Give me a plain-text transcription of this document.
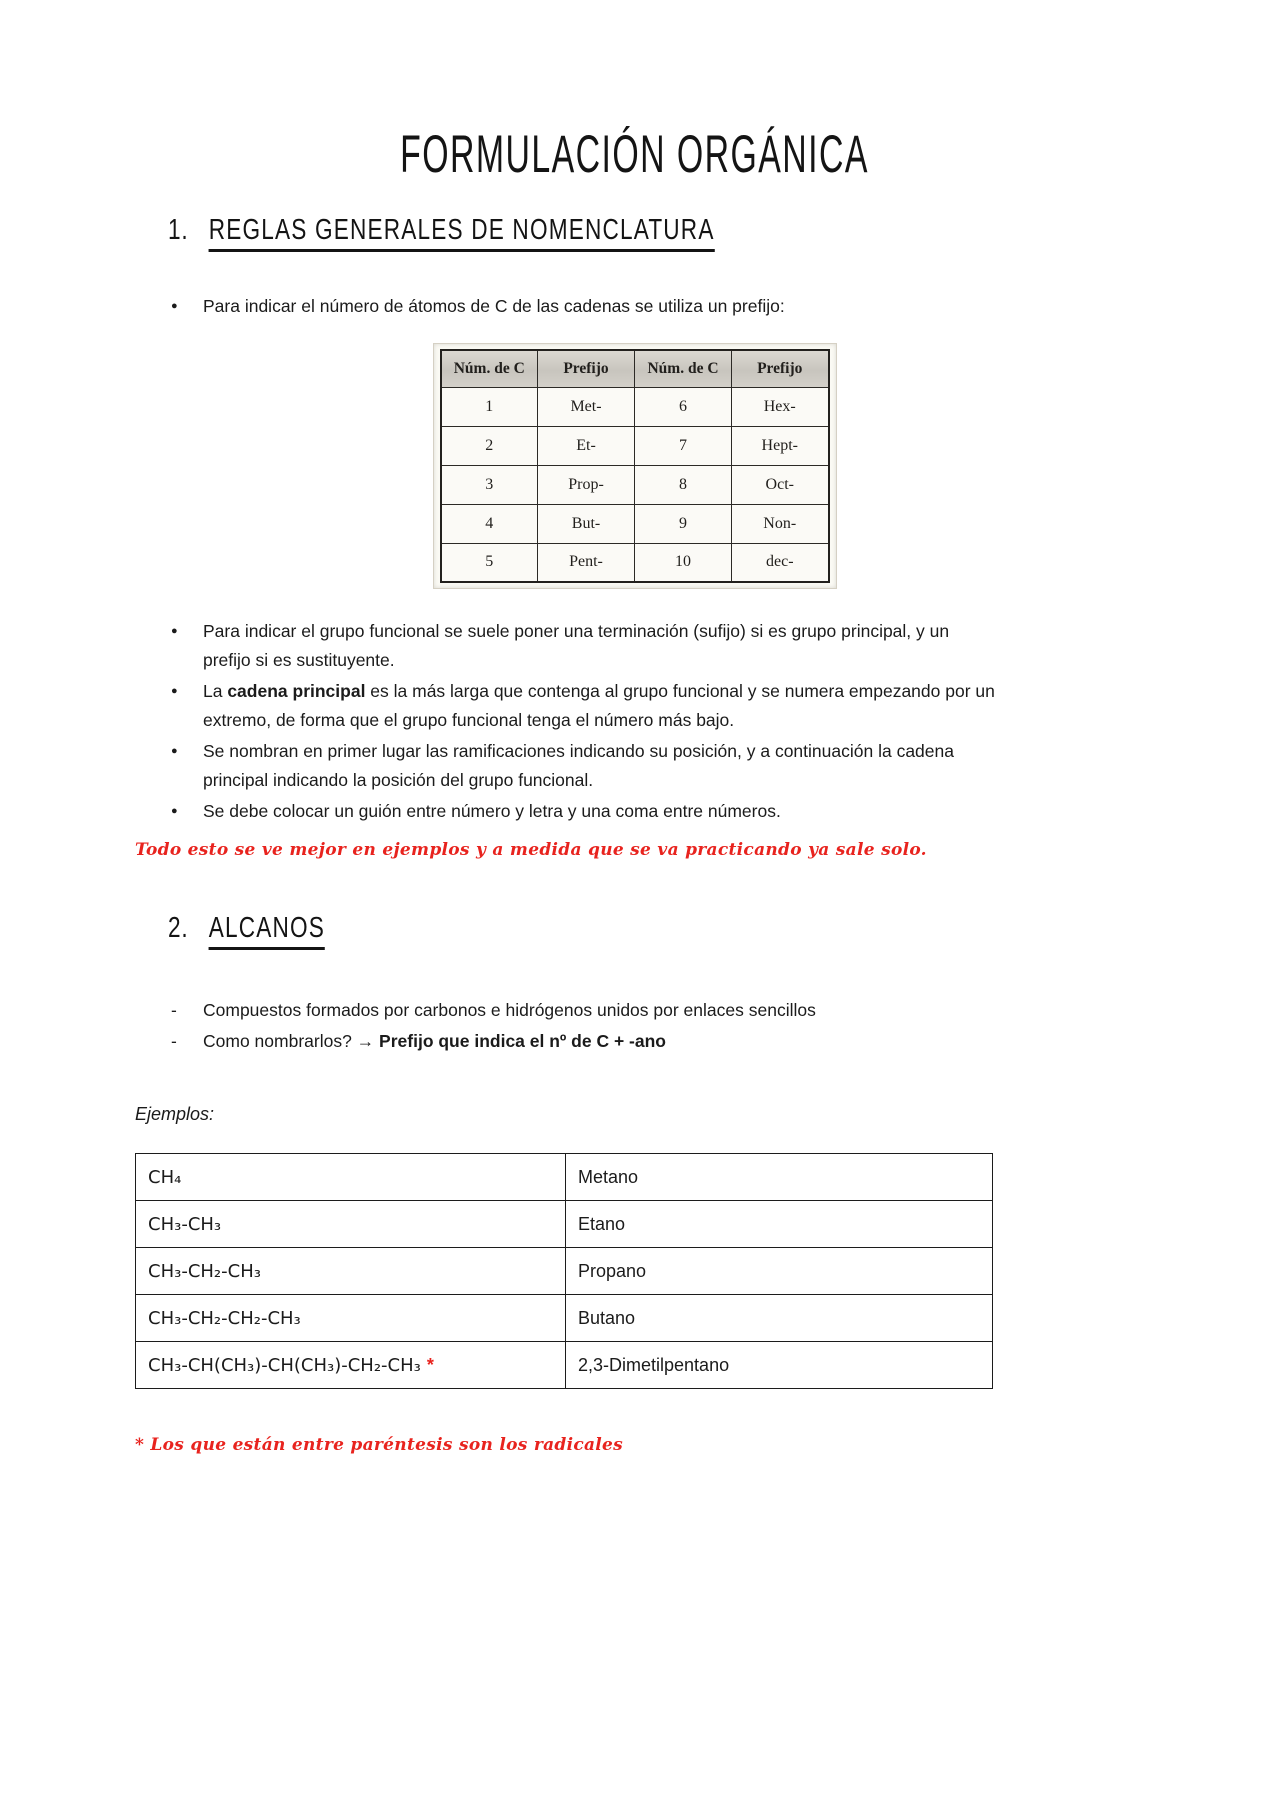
FORMULACIÓN ORGÁNICA
1. REGLAS GENERALES DE NOMENCLATURA
● Para indicar el número de átomos de C de las cadenas se utiliza un prefijo:
Núm. de C	Prefijo	Núm. de C	Prefijo
1	Met-	6	Hex-
2	Et-	7	Hept-
3	Prop-	8	Oct-
4	But-	9	Non-
5	Pent-	10	dec-
● Para indicar el grupo funcional se suele poner una terminación (sufijo) si es grupo principal, y un prefijo si es sustituyente.
● La cadena principal es la más larga que contenga al grupo funcional y se numera empezando por un extremo, de forma que el grupo funcional tenga el número más bajo.
● Se nombran en primer lugar las ramificaciones indicando su posición, y a continuación la cadena principal indicando la posición del grupo funcional.
● Se debe colocar un guión entre número y letra y una coma entre números.

Todo esto se ve mejor en ejemplos y a medida que se va practicando ya sale solo.

2. ALCANOS
- Compuestos formados por carbonos e hidrógenos unidos por enlaces sencillos
- Como nombrarlos? → Prefijo que indica el nº de C + -ano

Ejemplos:

CH₄	Metano
CH₃-CH₃	Etano
CH₃-CH₂-CH₃	Propano
CH₃-CH₂-CH₂-CH₃	Butano
CH₃-CH(CH₃)-CH(CH₃)-CH₂-CH₃ *	2,3-Dimetilpentano

* Los que están entre paréntesis son los radicales
